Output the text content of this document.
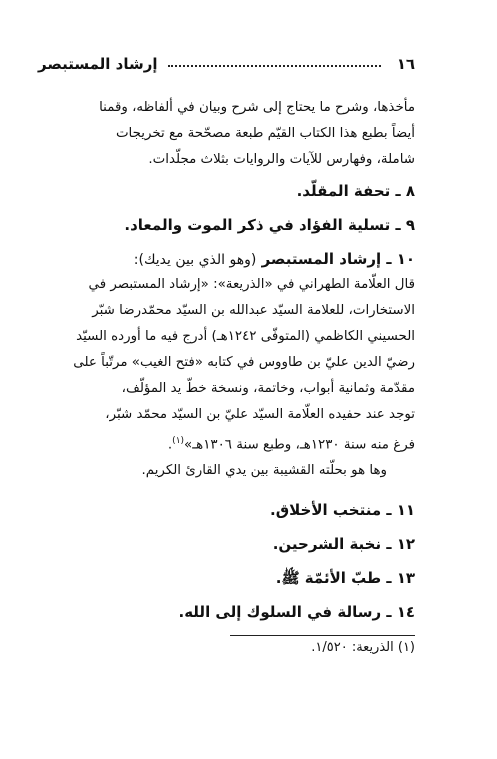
١٦
إرشاد المستبصر
مأخذها، وشرح ما يحتاج إلى شرح وبيان في ألفاظه، وقمنا
أيضاً بطبع هذا الكتاب القيّم طبعة مصحّحة مع تخريجات
شاملة، وفهارس للآيات والروايات بثلاث مجلّدات.
٨ ـ تحفة المقلّد.
٩ ـ تسلية الفؤاد في ذكر الموت والمعاد.
١٠ ـ إرشاد المستبصر (وهو الذي بين يديك):
قال العلّامة الطهراني في «الذريعة»: «إرشاد المستبصر في
الاستخارات، للعلامة السيّد عبدالله بن السيّد محمّدرضا شبّر
الحسيني الكاظمي (المتوفّى ١٢٤٢هـ) أدرج فيه ما أورده السيّد
رضيّ الدين عليّ بن طاووس في كتابه «فتح الغيب» مرتّباً على
مقدّمة وثمانية أبواب، وخاتمة، ونسخة خطّ يد المؤلّف،
توجد عند حفيده العلّامة السيّد عليّ بن السيّد محمّد شبّر،
فرغ منه سنة ١٢٣٠هـ، وطبع سنة ١٣٠٦هـ»$^{(١)}$.
وها هو بحلّته القشيبة بين يدي القارئ الكريم.
١١ ـ منتخب الأخلاق.
١٢ ـ نخبة الشرحين.
١٣ ـ طبّ الأئمّة ﷺ.
١٤ ـ رسالة في السلوك إلى الله.
(١) الذريعة: ١/٥٢٠.
